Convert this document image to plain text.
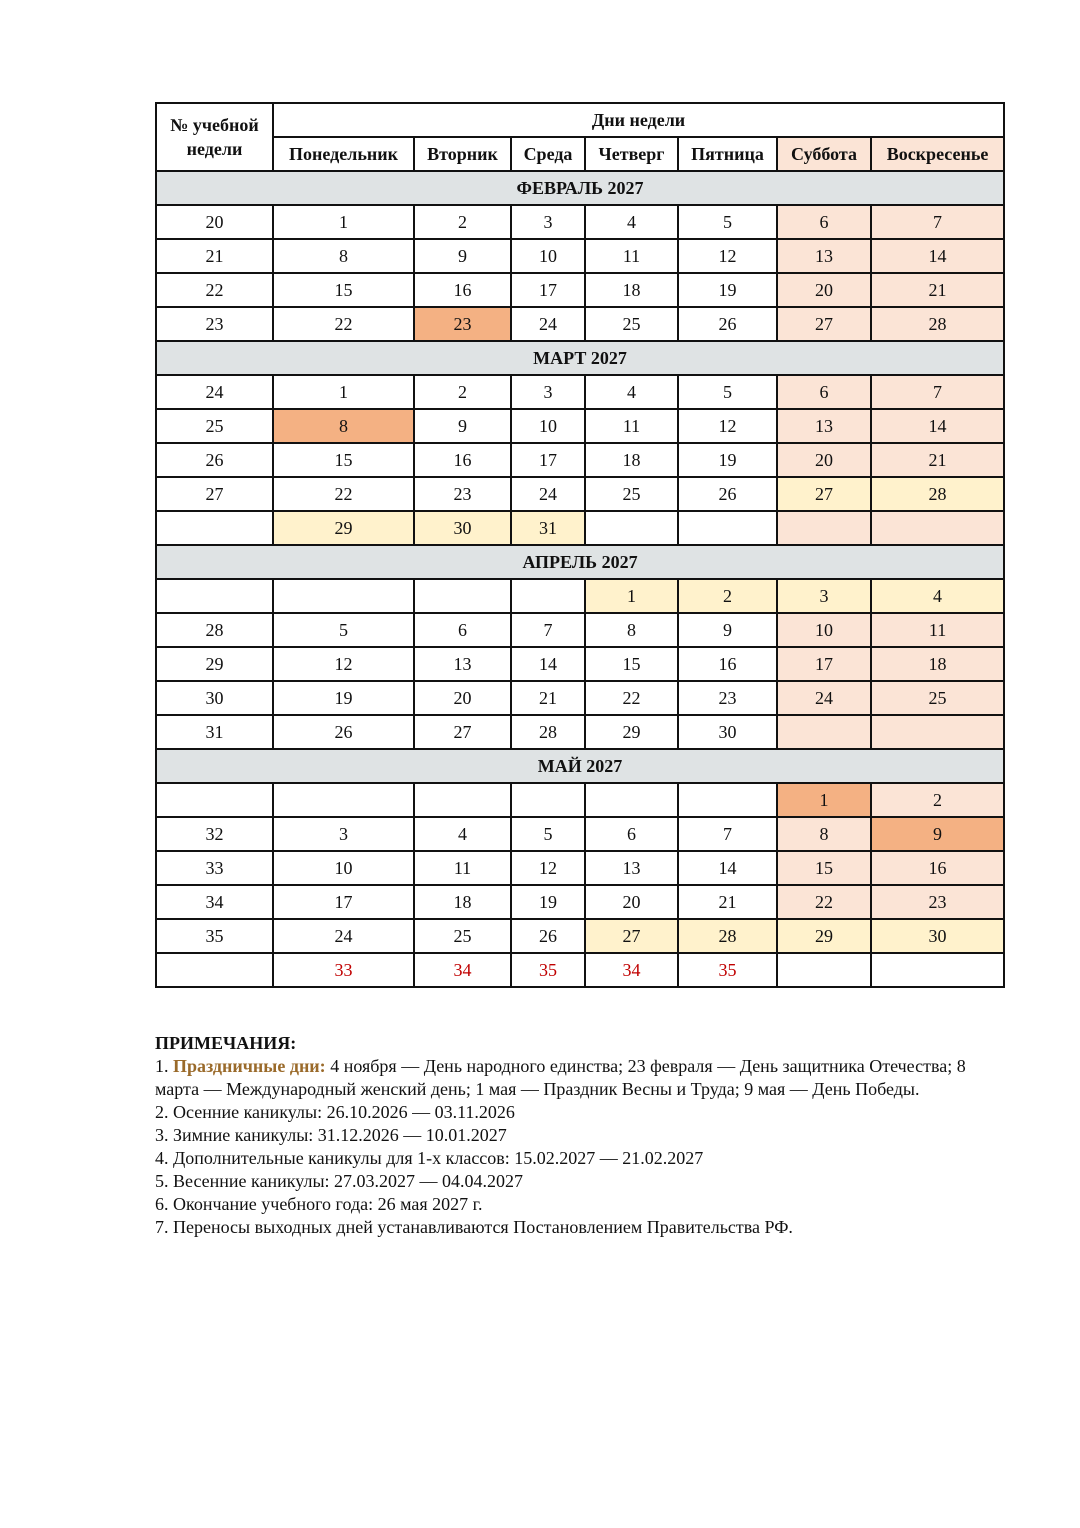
№ учебной недели	Дни недели						
	Понедельник	Вторник	Среда	Четверг	Пятница	Суббота	Воскресенье
ФЕВРАЛЬ 2027							
20	1	2	3	4	5	6	7
21	8	9	10	11	12	13	14
22	15	16	17	18	19	20	21
23	22	23	24	25	26	27	28
МАРТ 2027							
24	1	2	3	4	5	6	7
25	8	9	10	11	12	13	14
26	15	16	17	18	19	20	21
27	22	23	24	25	26	27	28
	29	30	31				
АПРЕЛЬ 2027							
				1	2	3	4
28	5	6	7	8	9	10	11
29	12	13	14	15	16	17	18
30	19	20	21	22	23	24	25
31	26	27	28	29	30		
МАЙ 2027							
						1	2
32	3	4	5	6	7	8	9
33	10	11	12	13	14	15	16
34	17	18	19	20	21	22	23
35	24	25	26	27	28	29	30
	33	34	35	34	35		
ПРИМЕЧАНИЯ:

1. Праздничные дни: 4 ноября — День народного единства; 23 февраля — День защитника Отечества; 8 марта — Международный женский день; 1 мая — Праздник Весны и Труда; 9 мая — День Победы.

2. Осенние каникулы: 26.10.2026 — 03.11.2026

3. Зимние каникулы: 31.12.2026 — 10.01.2027

4. Дополнительные каникулы для 1-х классов: 15.02.2027 — 21.02.2027

5. Весенние каникулы: 27.03.2027 — 04.04.2027

6. Окончание учебного года: 26 мая 2027 г.

7. Переносы выходных дней устанавливаются Постановлением Правительства РФ.
